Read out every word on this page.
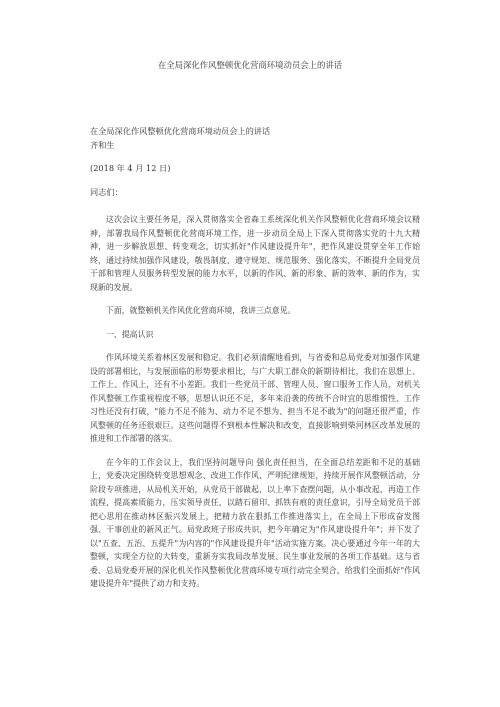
在全局深化作风整顿优化营商环境动员会上的讲话

在全局深化作风整顿优化营商环境动员会上的讲话

齐和生

(2018 年 4 月 12 日)

同志们：

这次会议主要任务是，深入贯彻落实全省森工系统深化机关作风整顿优化营商环境会议精神，部署我局作风整顿优化营商环境工作，进一步动员全局上下深入贯彻落实党的十九大精神，进一步解放思想、转变观念，切实抓好"作风建设提升年"，把作风建设贯穿全年工作始终，通过持续加强作风建设，敬畏制度、遵守规矩、规范服务、强化落实，不断提升全局党员干部和管理人员服务转型发展的能力水平，以新的作风、新的形象、新的效率、新的作为，实现新的发展。

下面，就整顿机关作风优化营商环境，我讲三点意见。

一、提高认识

作风环境关系着林区发展和稳定。我们必须清醒地看到，与省委和总局党委对加强作风建设的部署相比，与发展面临的形势要求相比，与广大职工群众的新期待相比，我们在思想上、工作上、作风上，还有不小差距。我们一些党员干部、管理人员、窗口服务工作人员，对机关作风整顿工作重视程度不够，思想认识还不足，多年来沿袭的传统不合时宜的思维惯性、工作习性还没有打破，"能力不足不能为、动力不足不想为、担当不足不敢为"的问题还很严重，作风整顿的任务还很艰巨。这些问题得不到根本性解决和改变，直接影响到柴河林区改革发展的推进和工作部署的落实。

在今年的工作会议上，我们坚持问题导向 强化责任担当，在全面总结差距和不足的基础上，党委决定围绕转变思想观念、改进工作作风、严明纪律规矩，持续开展作风整顿活动，分阶段专项推进，从局机关开始，从党员干部做起，以上率下查摆问题，从小事改起，再造工作流程，提高素质能力，压实领导责任，以踏石留印、抓铁有痕的责任意识，引导全局党员干部把心思用在推动林区振兴发展上，把精力放在狠抓工作推进落实上，在全局上下形成奋发图强、干事创业的新风正气。局党政班子形成共识，把今年确定为"作风建设提升年"；并下发了以"五查、五治、五提升"为内容的"作风建设提升年"活动实施方案。决心要通过今年一年的大整顿，实现全方位的大转变，重新夯实我局改革发展、民生事业发展的各项工作基础。这与省委、总局党委开展的深化机关作风整顿优化营商环境专项行动完全契合，给我们全面抓好"作风建设提升年"提供了动力和支持。
